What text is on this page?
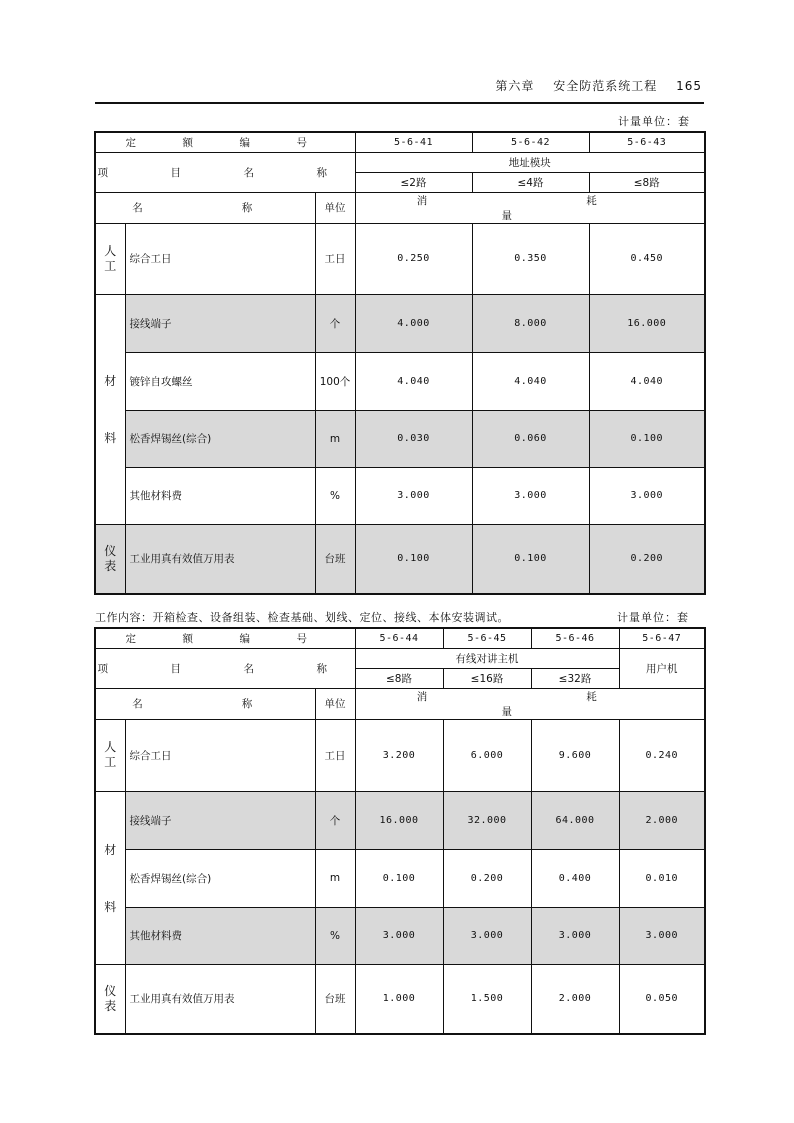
第六章 安全防范系统工程 165
计量单位：套
定　额　编　号			5-6-41	5-6-42	5-6-43
项　目　名　称			地址模块		
			≤2路	≤4路	≤8路
名　　称		单位	消　　耗　　量		
人
工	综合工日	工日	0.250	0.350	0.450

材
料	接线端子	个	4.000	8.000	16.000
	镀锌自攻螺丝	100个	4.040	4.040	4.040
	松香焊锡丝(综合)	m	0.030	0.060	0.100
	其他材料费	%	3.000	3.000	3.000
仪
表	工业用真有效值万用表	台班	0.100	0.100	0.200
工作内容：开箱检查、设备组装、检查基础、划线、定位、接线、本体安装调试。	计量单位：套
定　额　编　号			5-6-44	5-6-45	5-6-46	5-6-47
项　目　名　称			有线对讲主机			用户机
			≤8路	≤16路	≤32路	
名　　称		单位	消　　耗　　量			
人
工	综合工日	工日	3.200	6.000	9.600	0.240

材
料	接线端子	个	16.000	32.000	64.000	2.000
	松香焊锡丝(综合)	m	0.100	0.200	0.400	0.010
	其他材料费	%	3.000	3.000	3.000	3.000
仪
表	工业用真有效值万用表	台班	1.000	1.500	2.000	0.050
